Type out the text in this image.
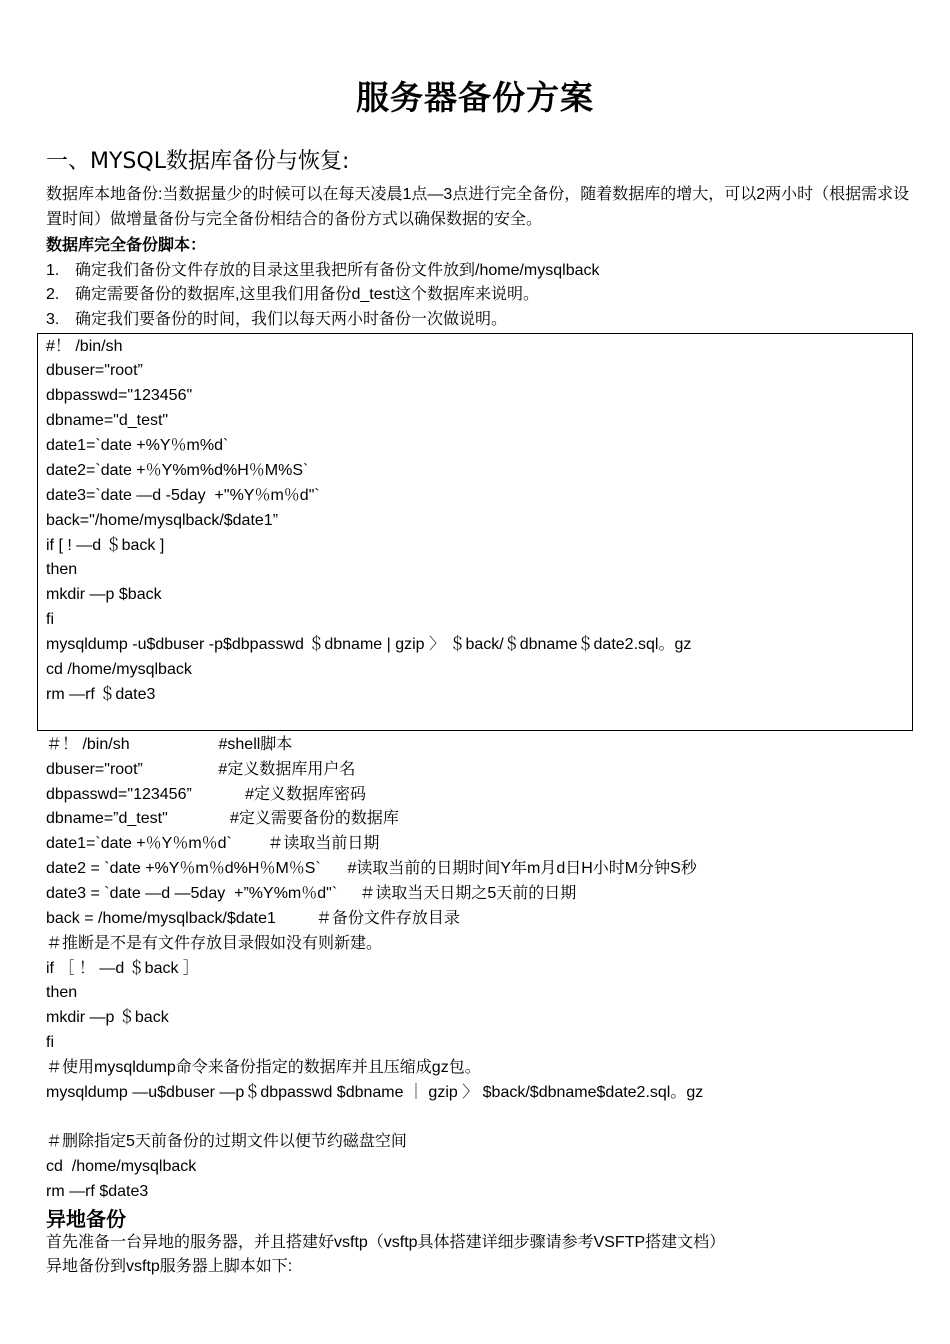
服务器备份方案
一、MYSQL数据库备份与恢复:
数据库本地备份:当数据量少的时候可以在每天凌晨1点—3点进行完全备份，随着数据库的增大，可以2两小时（根据需求设置时间）做增量备份与完全备份相结合的备份方式以确保数据的安全。
数据库完全备份脚本：
1. 确定我们备份文件存放的目录这里我把所有备份文件放到/home/mysqlback
2. 确定需要备份的数据库,这里我们用备份d_test这个数据库来说明。
3. 确定我们要备份的时间，我们以每天两小时备份一次做说明。
#！ /bin/sh
dbuser="root”
dbpasswd="123456"
dbname="d_test"
date1=`date +%Y％m%d`
date2=`date +％Y%m%d%H％M%S`
date3=`date —d -5day  +"%Y％m％d"`
back="/home/mysqlback/$date1”
if [ ! —d ＄back ]
then
mkdir —p $back
fi
mysqldump -u$dbuser -p$dbpasswd ＄dbname | gzip 〉 ＄back/＄dbname＄date2.sql。gz
cd /home/mysqlback
rm —rf ＄date3
＃！ /bin/sh                    #shell脚本
dbuser="root”                 #定义数据库用户名
dbpasswd="123456”            #定义数据库密码
dbname=”d_test"              #定义需要备份的数据库
date1=`date +％Y％m％d`        ＃读取当前日期
date2 = `date +%Y％m％d%H％M％S`      #读取当前的日期时间Y年m月d日H小时M分钟S秒
date3 = `date —d —5day  +”%Y%m％d"`     ＃读取当天日期之5天前的日期
back = /home/mysqlback/$date1         ＃备份文件存放目录
＃推断是不是有文件存放目录假如没有则新建。
if ［ ！ —d ＄back ］
then
mkdir —p ＄back
fi
＃使用mysqldump命令来备份指定的数据库并且压缩成gz包。
mysqldump —u$dbuser —p＄dbpasswd $dbname ｜ gzip 〉 $back/$dbname$date2.sql。gz
＃删除指定5天前备份的过期文件以便节约磁盘空间
cd  /home/mysqlback
rm —rf $date3
异地备份
首先准备一台异地的服务器，并且搭建好vsftp（vsftp具体搭建详细步骤请参考VSFTP搭建文档）
异地备份到vsftp服务器上脚本如下:
